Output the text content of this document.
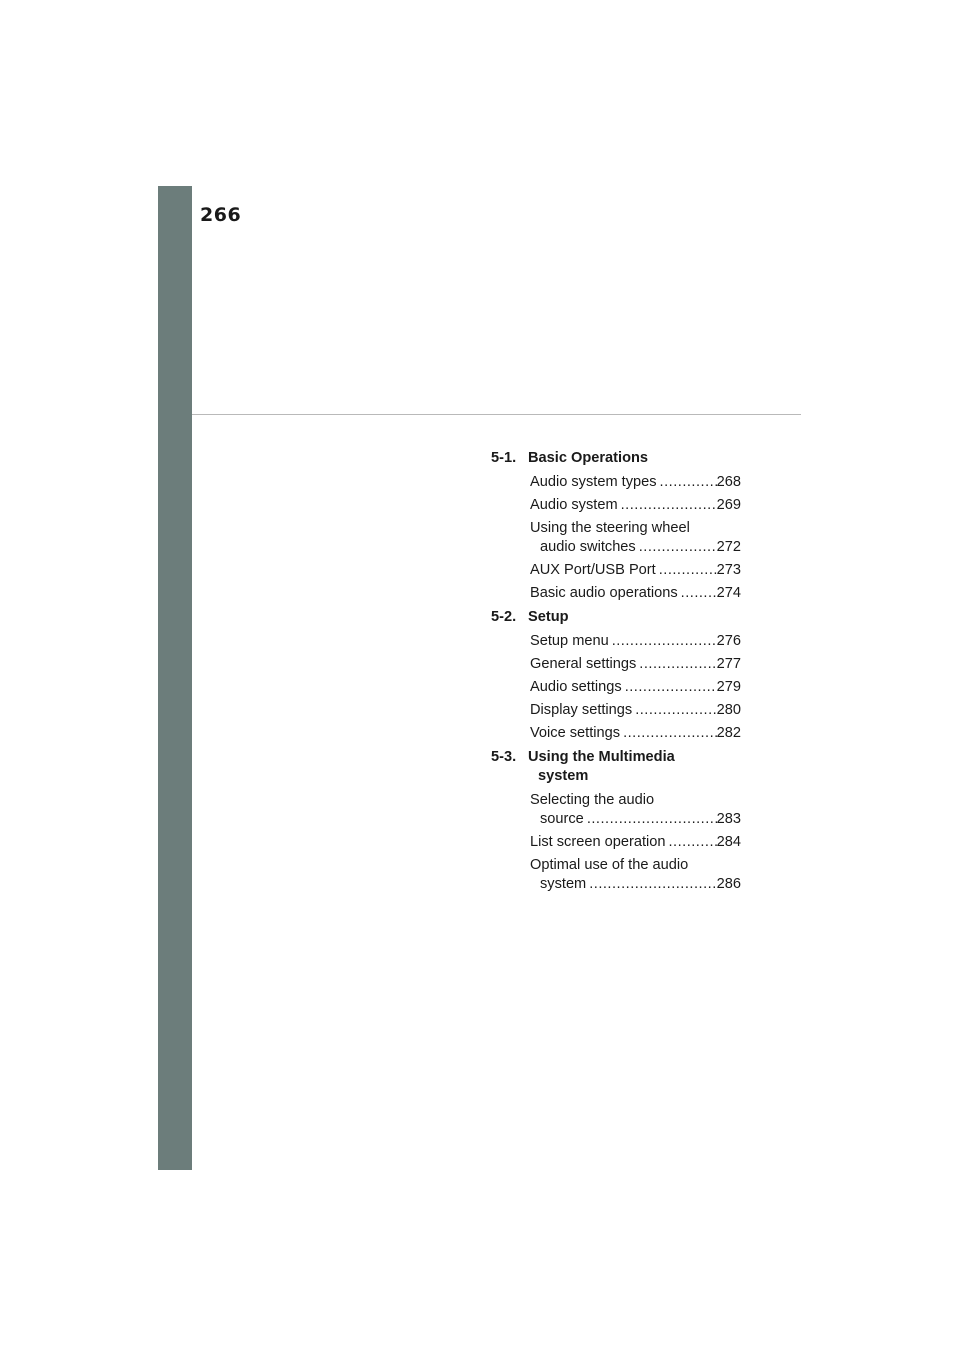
266
5-1. Basic Operations
Audio system types .....	268
Audio system .....	269
Using the steering wheel
audio switches .....	272
AUX Port/USB Port .....	273
Basic audio operations .....	274
5-2. Setup
Setup menu .....	276
General settings .....	277
Audio settings .....	279
Display settings .....	280
Voice settings .....	282
5-3. Using the Multimedia
system
Selecting the audio
source .....	283
List screen operation .....	284
Optimal use of the audio
system .....	286
